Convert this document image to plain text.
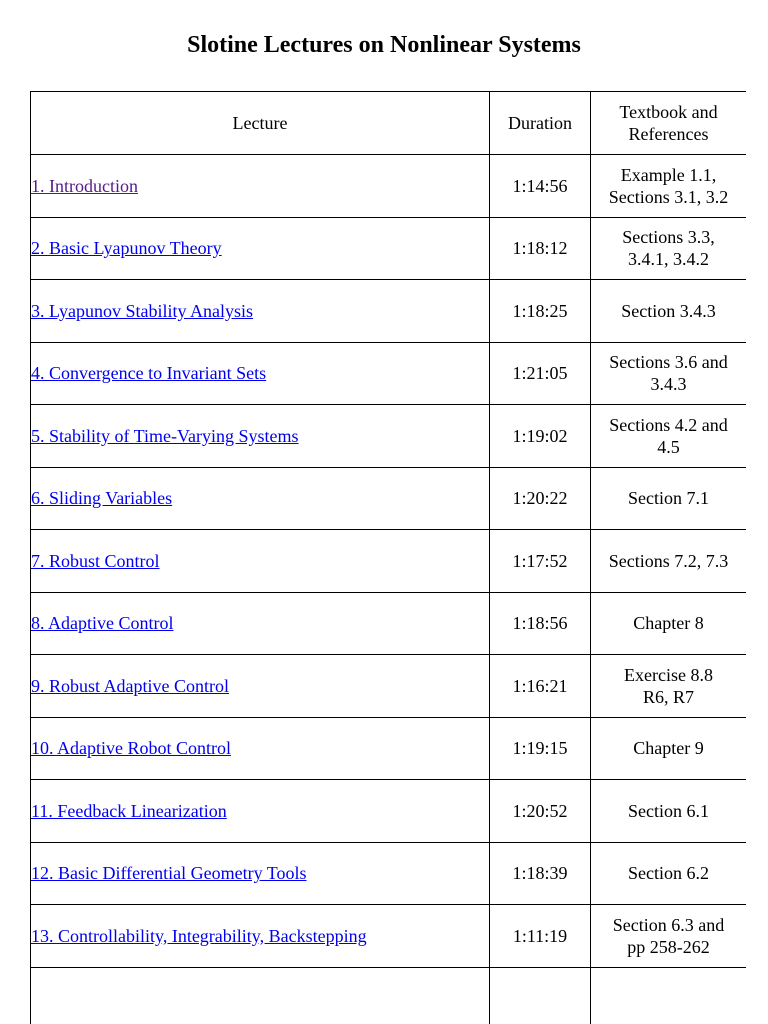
Slotine Lectures on Nonlinear Systems
Lecture	Duration	Textbook and
References
1. Introduction	1:14:56	Example 1.1,
Sections 3.1, 3.2
2. Basic Lyapunov Theory	1:18:12	Sections 3.3,
3.4.1, 3.4.2
3. Lyapunov Stability Analysis	1:18:25	Section 3.4.3
4. Convergence to Invariant Sets	1:21:05	Sections 3.6 and
3.4.3
5. Stability of Time-Varying Systems	1:19:02	Sections 4.2 and
4.5
6. Sliding Variables	1:20:22	Section 7.1
7. Robust Control	1:17:52	Sections 7.2, 7.3
8. Adaptive Control	1:18:56	Chapter 8
9. Robust Adaptive Control	1:16:21	Exercise 8.8
R6, R7
10. Adaptive Robot Control	1:19:15	Chapter 9
11. Feedback Linearization	1:20:52	Section 6.1
12. Basic Differential Geometry Tools	1:18:39	Section 6.2
13. Controllability, Integrability, Backstepping	1:11:19	Section 6.3 and
pp 258-262
